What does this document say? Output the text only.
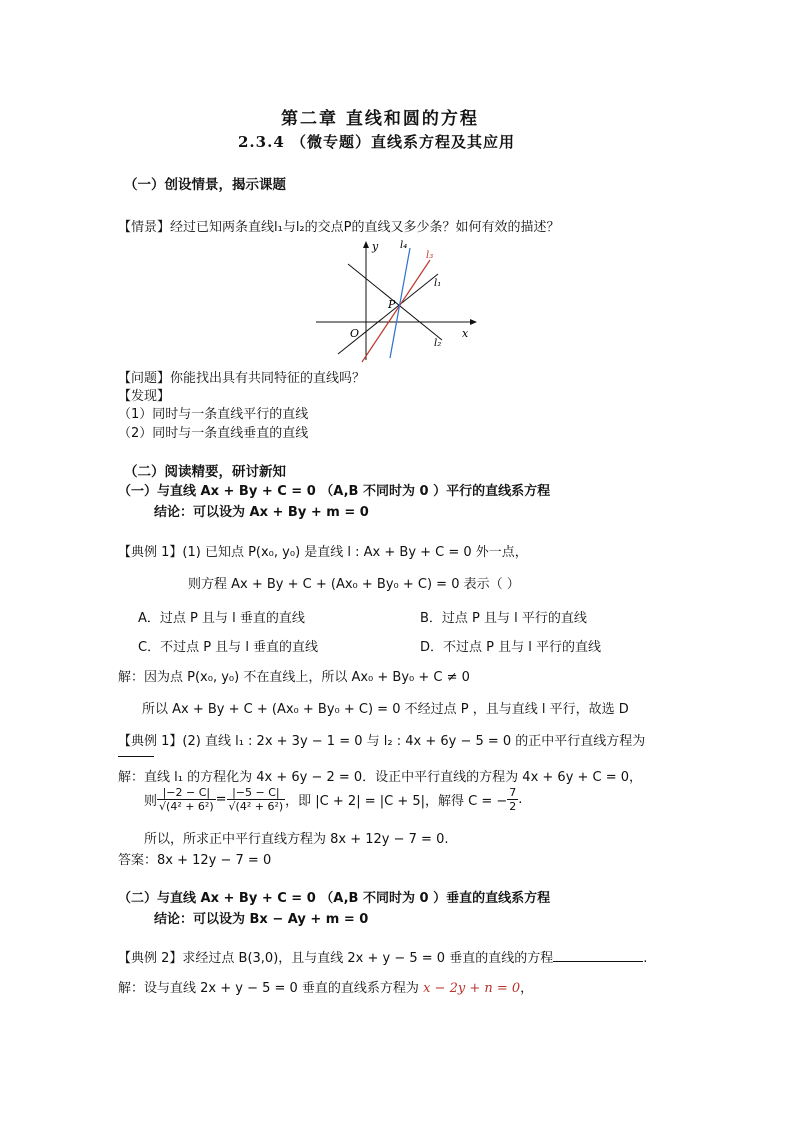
第二章 直线和圆的方程
2.3.4 （微专题）直线系方程及其应用
（一）创设情景，揭示课题
【情景】经过已知两条直线l₁与l₂的交点P的直线又多少条？如何有效的描述？
y
x
O
P
l₁
l₂
l₃
l₄
【问题】你能找出具有共同特征的直线吗？
【发现】
（1）同时与一条直线平行的直线
（2）同时与一条直线垂直的直线
（二）阅读精要，研讨新知
（一）与直线 Ax + By + C = 0 （A,B 不同时为 0 ）平行的直线系方程
结论：可以设为 Ax + By + m = 0
【典例 1】(1) 已知点 P(x₀, y₀) 是直线 l : Ax + By + C = 0 外一点，
则方程 Ax + By + C + (Ax₀ + By₀ + C) = 0 表示（ ）
A．过点 P 且与 l 垂直的直线	B．过点 P 且与 l 平行的直线
C．不过点 P 且与 l 垂直的直线	D．不过点 P 且与 l 平行的直线
解：因为点 P(x₀, y₀) 不在直线上，所以 Ax₀ + By₀ + C ≠ 0
所以 Ax + By + C + (Ax₀ + By₀ + C) = 0 不经过点 P ，且与直线 l 平行，故选 D
【典例 1】(2) 直线 l₁ : 2x + 3y − 1 = 0 与 l₂ : 4x + 6y − 5 = 0 的正中平行直线方程为
解：直线 l₁ 的方程化为 4x + 6y − 2 = 0．设正中平行直线的方程为 4x + 6y + C = 0，
则 $\frac{|-2 - C|}{\text{√(4² + 6²)}} = \frac{|-5 - C|}{\text{√(4² + 6²)}}$ ，即 |C + 2| = |C + 5|，解得 C = − $\frac{7}{2}$ .
所以，所求正中平行直线方程为 8x + 12y − 7 = 0.
答案：8x + 12y − 7 = 0
（二）与直线 Ax + By + C = 0 （A,B 不同时为 0 ）垂直的直线系方程
结论：可以设为 Bx − Ay + m = 0
【典例 2】求经过点 B(3,0)，且与直线 2x + y − 5 = 0 垂直的直线的方程	.
解：设与直线 2x + y − 5 = 0 垂直的直线系方程为 x − 2y + n = 0，
